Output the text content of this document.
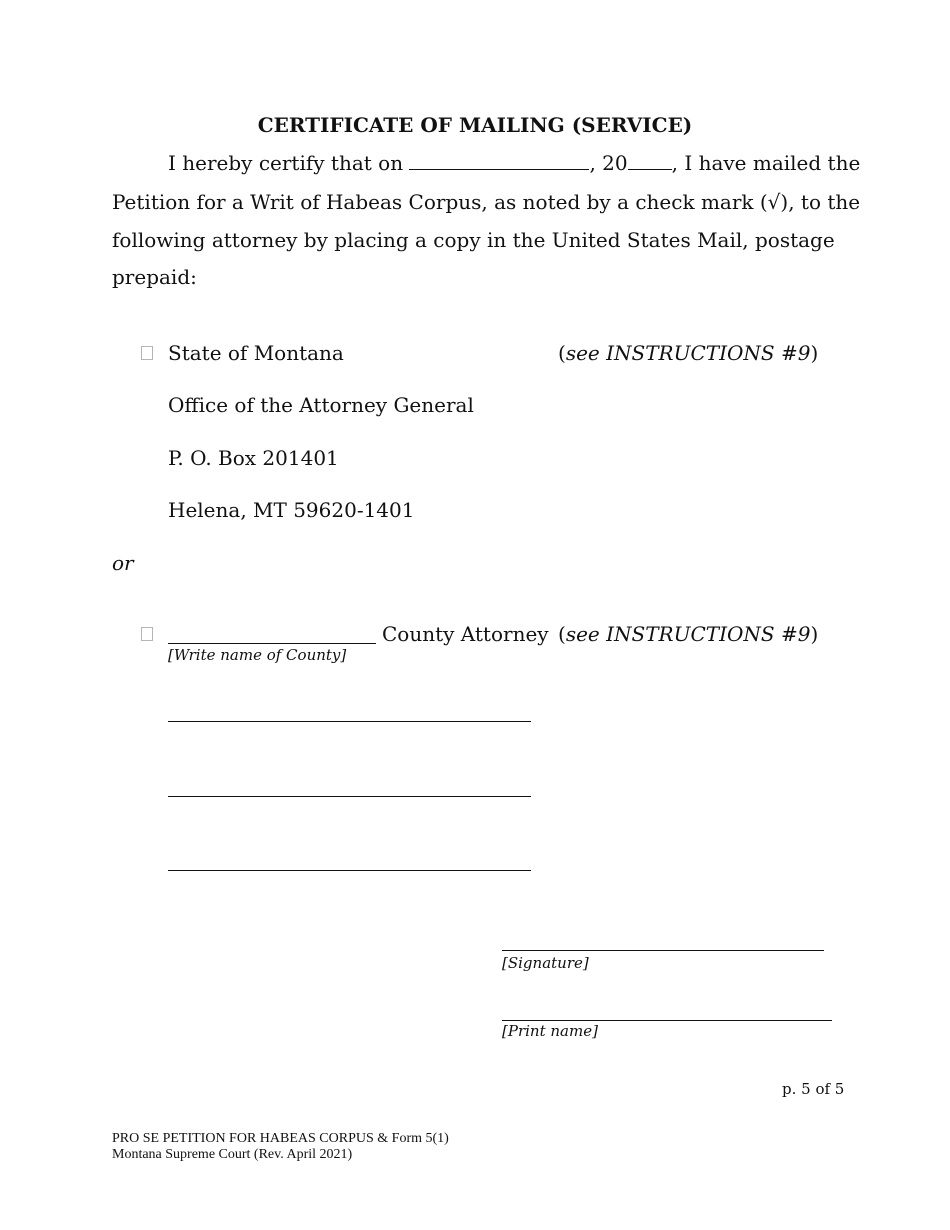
CERTIFICATE OF MAILING (SERVICE)
I hereby certify that on	, 20 , I have mailed the
Petition for a Writ of Habeas Corpus, as noted by a check mark (√), to the
following attorney by placing a copy in the United States Mail, postage
prepaid:
State of Montana	(see INSTRUCTIONS #9)
Office of the Attorney General
P. O. Box 201401
Helena, MT 59620-1401
or
County Attorney (see INSTRUCTIONS #9)
[Write name of County]
[Signature]
[Print name]
p. 5 of 5
PRO SE PETITION FOR HABEAS CORPUS & Form 5(1)
Montana Supreme Court (Rev. April 2021)
